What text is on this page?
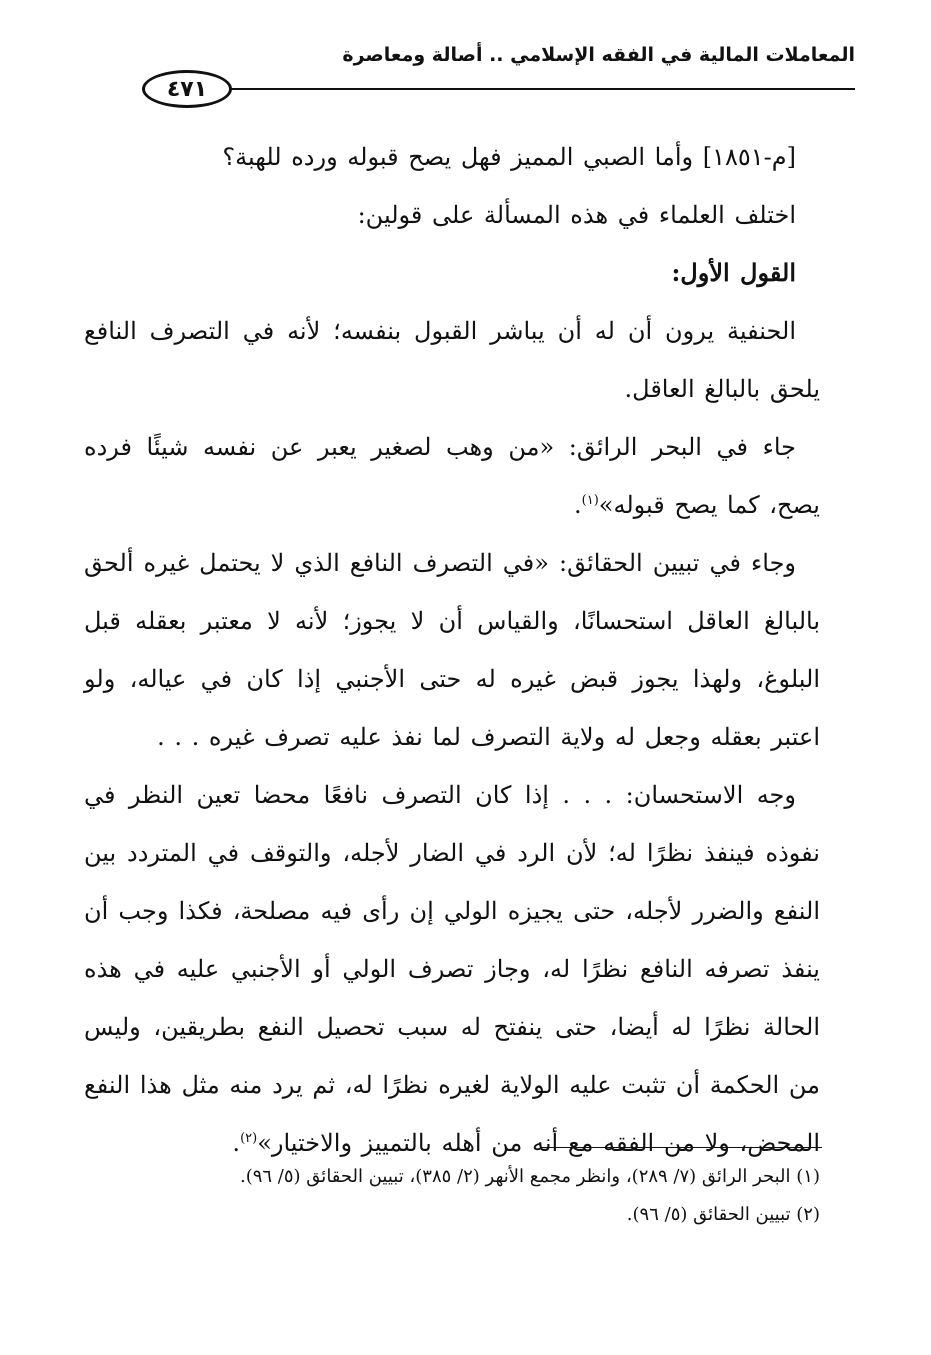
المعاملات المالية في الفقه الإسلامي .. أصالة ومعاصرة
٤٧١

[م-١٨٥١] وأما الصبي المميز فهل يصح قبوله ورده للهبة؟

اختلف العلماء في هذه المسألة على قولين:

القول الأول:

الحنفية يرون أن له أن يباشر القبول بنفسه؛ لأنه في التصرف النافع يلحق بالبالغ العاقل.

جاء في البحر الرائق: «من وهب لصغير يعبر عن نفسه شيئًا فرده يصح، كما يصح قبوله»$^{(١)}$.

وجاء في تبيين الحقائق: «في التصرف النافع الذي لا يحتمل غيره ألحق بالبالغ العاقل استحسانًا، والقياس أن لا يجوز؛ لأنه لا معتبر بعقله قبل البلوغ، ولهذا يجوز قبض غيره له حتى الأجنبي إذا كان في عياله، ولو اعتبر بعقله وجعل له ولاية التصرف لما نفذ عليه تصرف غيره . . .

وجه الاستحسان: . . . إذا كان التصرف نافعًا محضا تعين النظر في نفوذه فينفذ نظرًا له؛ لأن الرد في الضار لأجله، والتوقف في المتردد بين النفع والضرر لأجله، حتى يجيزه الولي إن رأى فيه مصلحة، فكذا وجب أن ينفذ تصرفه النافع نظرًا له، وجاز تصرف الولي أو الأجنبي عليه في هذه الحالة نظرًا له أيضا، حتى ينفتح له سبب تحصيل النفع بطريقين، وليس من الحكمة أن تثبت عليه الولاية لغيره نظرًا له، ثم يرد منه مثل هذا النفع المحض، ولا من الفقه مع أنه من أهله بالتمييز والاختيار»$^{(٢)}$.

(١) البحر الرائق (٧/ ٢٨٩)، وانظر مجمع الأنهر (٢/ ٣٨٥)، تبيين الحقائق (٥/ ٩٦).

(٢) تبيين الحقائق (٥/ ٩٦).
